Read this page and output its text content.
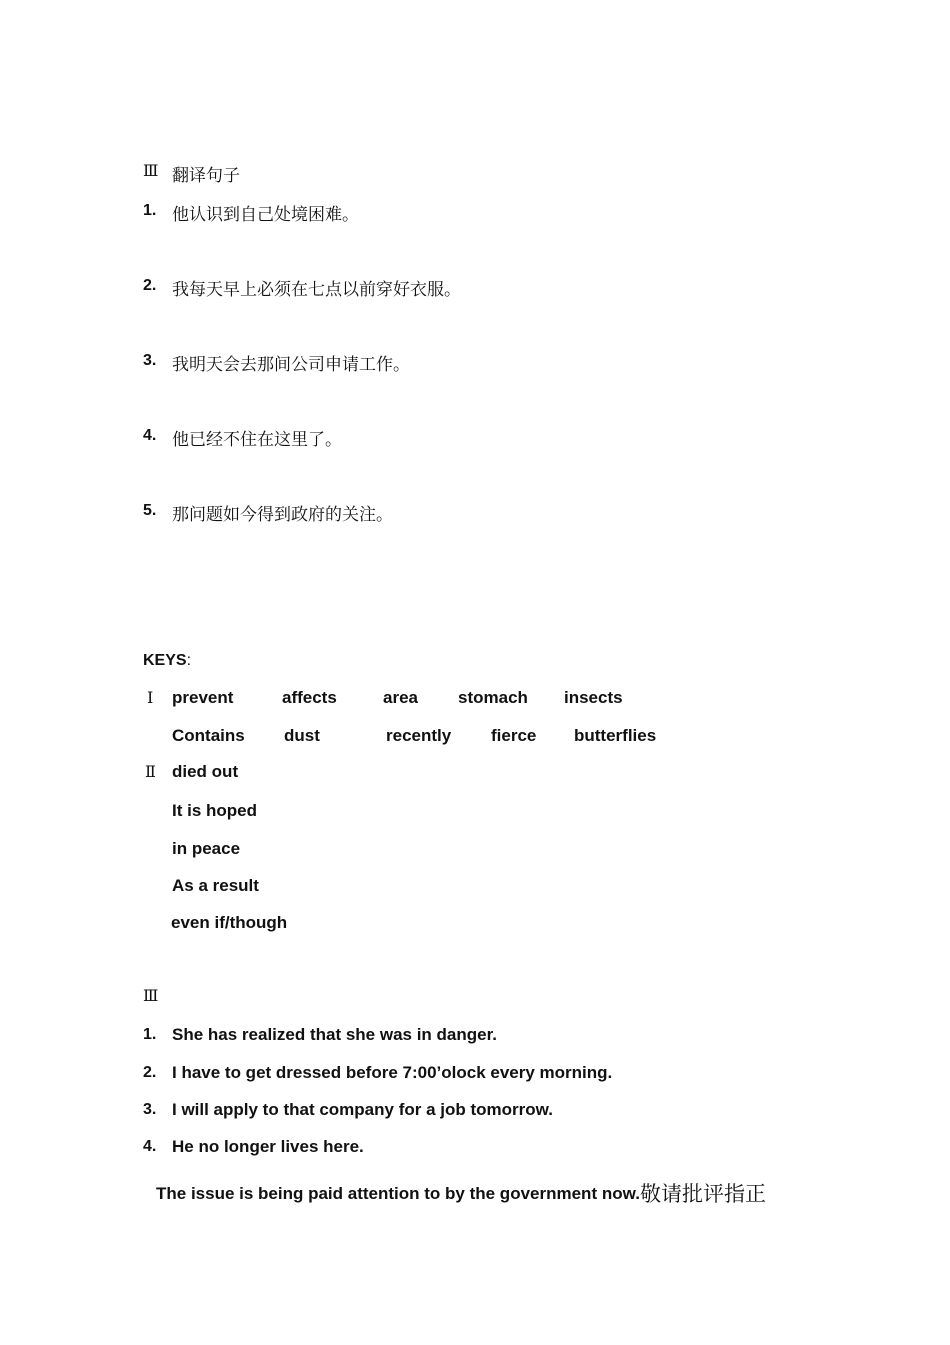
Ⅲ 翻译句子
1. 他认识到自己处境困难。
2. 我每天早上必须在七点以前穿好衣服。
3. 我明天会去那间公司申请工作。
4. 他已经不住在这里了。
5. 那问题如今得到政府的关注。
KEYS:
Ⅰ prevent	affects	area stomach insects
Contains dust	recently fierce butterflies
Ⅱ died out
It is hoped
in peace
As a result
even if/though
Ⅲ
1. She has realized that she was in danger.
2. I have to get dressed before 7:00’olock every morning.
3. I will apply to that company for a job tomorrow.
4. He no longer lives here.
The issue is being paid attention to by the government now. 敬请批评指正
